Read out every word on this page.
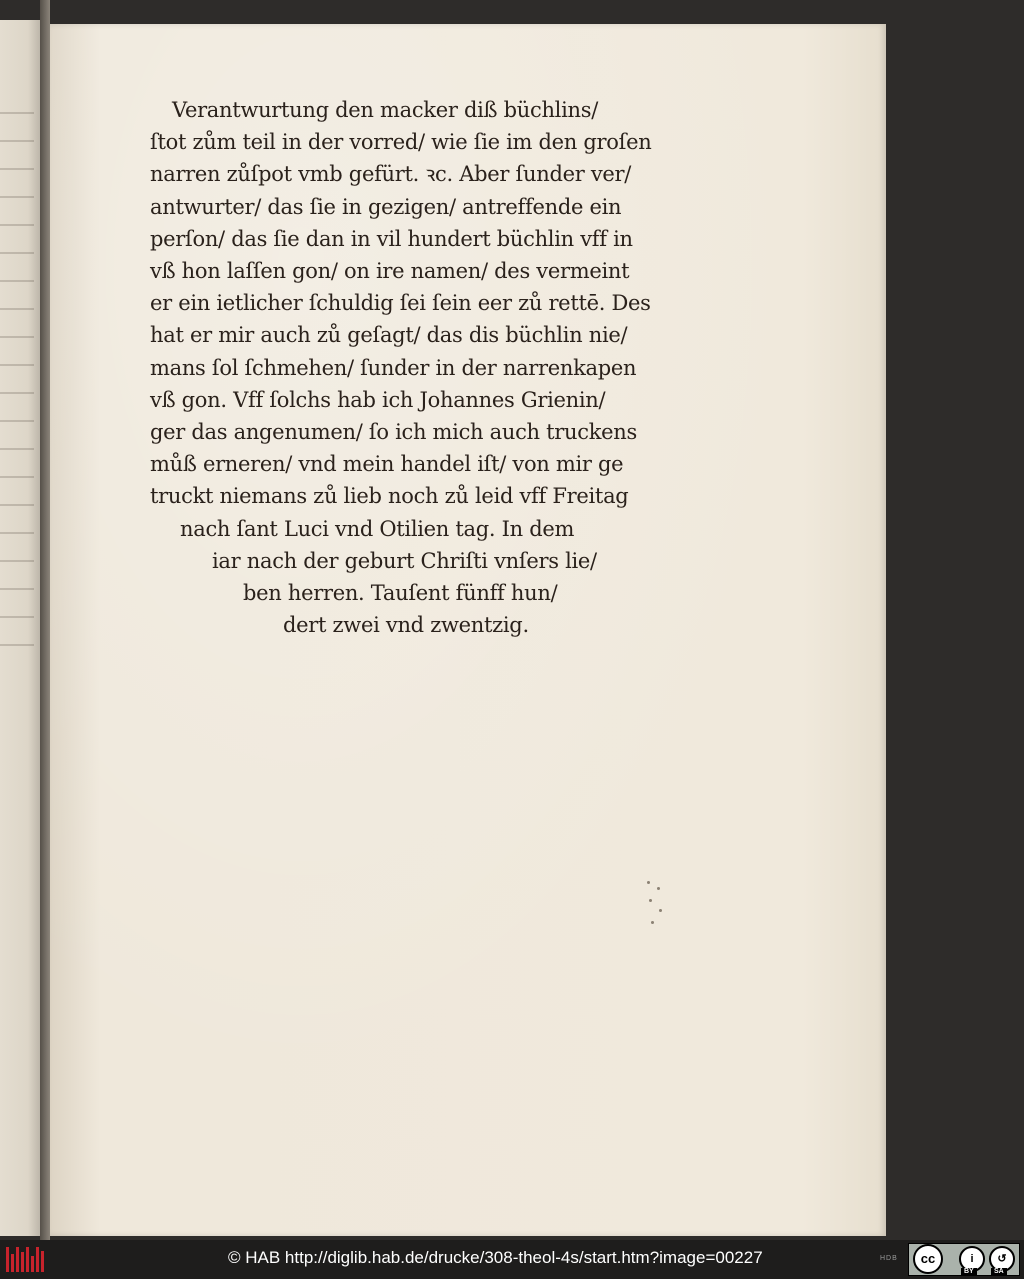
Verantwurtung den macker diß büchlins/
ſtot zům teil in der vorred/ wie ſie im den groſen
narren zůſpot vmb gefürt. ꝛc. Aber ſunder ver/
antwurter/ das ſie in gezigen/ antreffende ein
perſon/ das ſie dan in vil hundert büchlin vff in
vß hon laſſen gon/ on ire namen/ des vermeint
er ein ietlicher ſchuldig ſei ſein eer zů rettē. Des
hat er mir auch zů geſagt/ das dis büchlin nie/
mans ſol ſchmehen/ ſunder in der narrenkapen
vß gon. Vff ſolchs hab ich Johannes Grienin/
ger das angenumen/ ſo ich mich auch truckens
můß erneren/ vnd mein handel iſt/ von mir ge
truckt niemans zů lieb noch zů leid vff Freitag
nach ſant Luci vnd Otilien tag. In dem
iar nach der geburt Chriſti vnſers lie/
ben herren. Tauſent fünff hun/
dert zwei vnd zwentzig.
© HAB http://diglib.hab.de/drucke/308-theol-4s/start.htm?image=00227	HDB	cc	i	↺
BY	SA
